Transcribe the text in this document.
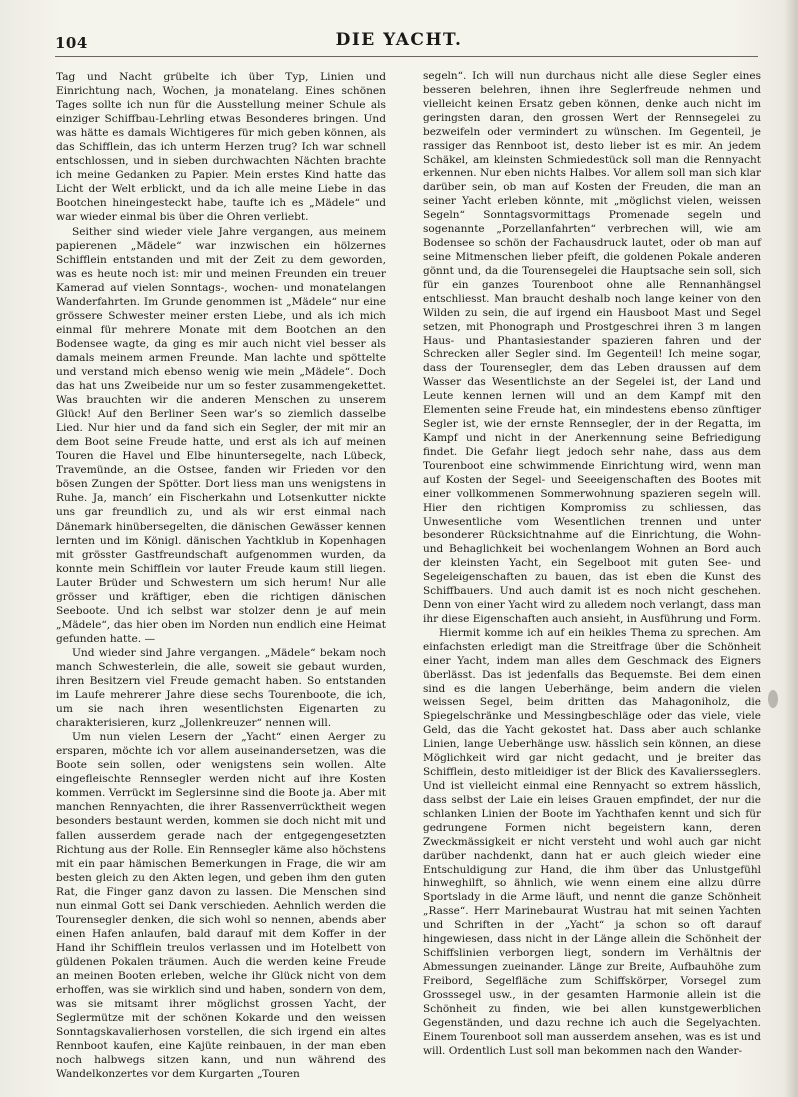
104	DIE YACHT.

Tag und Nacht grübelte ich über Typ, Linien und Einrichtung nach, Wochen, ja monatelang. Eines schönen Tages sollte ich nun für die Ausstellung meiner Schule als einziger Schiffbau-Lehrling etwas Besonderes bringen. Und was hätte es damals Wichtigeres für mich geben können, als das Schifflein, das ich unterm Herzen trug? Ich war schnell entschlossen, und in sieben durchwachten Nächten brachte ich meine Gedanken zu Papier. Mein erstes Kind hatte das Licht der Welt erblickt, und da ich alle meine Liebe in das Bootchen hineingesteckt habe, taufte ich es „Mädele“ und war wieder einmal bis über die Ohren verliebt.

Seither sind wieder viele Jahre vergangen, aus meinem papierenen „Mädele“ war inzwischen ein hölzernes Schifflein entstanden und mit der Zeit zu dem geworden, was es heute noch ist: mir und meinen Freunden ein treuer Kamerad auf vielen Sonntags-, wochen- und monatelangen Wanderfahrten. Im Grunde genommen ist „Mädele“ nur eine grössere Schwester meiner ersten Liebe, und als ich mich einmal für mehrere Monate mit dem Bootchen an den Bodensee wagte, da ging es mir auch nicht viel besser als damals meinem armen Freunde. Man lachte und spöttelte und verstand mich ebenso wenig wie mein „Mädele“. Doch das hat uns Zweibeide nur um so fester zusammengekettet. Was brauchten wir die anderen Menschen zu unserem Glück! Auf den Berliner Seen war’s so ziemlich dasselbe Lied. Nur hier und da fand sich ein Segler, der mit mir an dem Boot seine Freude hatte, und erst als ich auf meinen Touren die Havel und Elbe hinuntersegelte, nach Lübeck, Travemünde, an die Ostsee, fanden wir Frieden vor den bösen Zungen der Spötter. Dort liess man uns wenigstens in Ruhe. Ja, manch’ ein Fischerkahn und Lotsenkutter nickte uns gar freundlich zu, und als wir erst einmal nach Dänemark hinübersegelten, die dänischen Gewässer kennen lernten und im Königl. dänischen Yachtklub in Kopenhagen mit grösster Gastfreundschaft aufgenommen wurden, da konnte mein Schifflein vor lauter Freude kaum still liegen. Lauter Brüder und Schwestern um sich herum! Nur alle grösser und kräftiger, eben die richtigen dänischen Seeboote. Und ich selbst war stolzer denn je auf mein „Mädele“, das hier oben im Norden nun endlich eine Heimat gefunden hatte. —

Und wieder sind Jahre vergangen. „Mädele“ bekam noch manch Schwesterlein, die alle, soweit sie gebaut wurden, ihren Besitzern viel Freude gemacht haben. So entstanden im Laufe mehrerer Jahre diese sechs Tourenboote, die ich, um sie nach ihren wesentlichsten Eigenarten zu charakterisieren, kurz „Jollenkreuzer“ nennen will.

Um nun vielen Lesern der „Yacht“ einen Aerger zu ersparen, möchte ich vor allem auseinandersetzen, was die Boote sein sollen, oder wenigstens sein wollen. Alte eingefleischte Rennsegler werden nicht auf ihre Kosten kommen. Verrückt im Seglersinne sind die Boote ja. Aber mit manchen Rennyachten, die ihrer Rassenverrücktheit wegen besonders bestaunt werden, kommen sie doch nicht mit und fallen ausserdem gerade nach der entgegengesetzten Richtung aus der Rolle. Ein Rennsegler käme also höchstens mit ein paar hämischen Bemerkungen in Frage, die wir am besten gleich zu den Akten legen, und geben ihm den guten Rat, die Finger ganz davon zu lassen. Die Menschen sind nun einmal Gott sei Dank verschieden. Aehnlich werden die Tourensegler denken, die sich wohl so nennen, abends aber einen Hafen anlaufen, bald darauf mit dem Koffer in der Hand ihr Schifflein treulos verlassen und im Hotelbett von güldenen Pokalen träumen. Auch die werden keine Freude an meinen Booten erleben, welche ihr Glück nicht von dem erhoffen, was sie wirklich sind und haben, sondern von dem, was sie mitsamt ihrer möglichst grossen Yacht, der Seglermütze mit der schönen Kokarde und den weissen Sonntagskavalierhosen vorstellen, die sich irgend ein altes Rennboot kaufen, eine Kajüte reinbauen, in der man eben noch halbwegs sitzen kann, und nun während des Wandelkonzertes vor dem Kurgarten „Touren

segeln“. Ich will nun durchaus nicht alle diese Segler eines besseren belehren, ihnen ihre Seglerfreude nehmen und vielleicht keinen Ersatz geben können, denke auch nicht im geringsten daran, den grossen Wert der Rennsegelei zu bezweifeln oder vermindert zu wünschen. Im Gegenteil, je rassiger das Rennboot ist, desto lieber ist es mir. An jedem Schäkel, am kleinsten Schmiedestück soll man die Rennyacht erkennen. Nur eben nichts Halbes. Vor allem soll man sich klar darüber sein, ob man auf Kosten der Freuden, die man an seiner Yacht erleben könnte, mit „möglichst vielen, weissen Segeln“ Sonntagsvormittags Promenade segeln und sogenannte „Porzellanfahrten“ verbrechen will, wie am Bodensee so schön der Fachausdruck lautet, oder ob man auf seine Mitmenschen lieber pfeift, die goldenen Pokale anderen gönnt und, da die Tourensegelei die Hauptsache sein soll, sich für ein ganzes Tourenboot ohne alle Rennanhängsel entschliesst. Man braucht deshalb noch lange keiner von den Wilden zu sein, die auf irgend ein Hausboot Mast und Segel setzen, mit Phonograph und Prostgeschrei ihren 3 m langen Haus- und Phantasiestander spazieren fahren und der Schrecken aller Segler sind. Im Gegenteil! Ich meine sogar, dass der Tourensegler, dem das Leben draussen auf dem Wasser das Wesentlichste an der Segelei ist, der Land und Leute kennen lernen will und an dem Kampf mit den Elementen seine Freude hat, ein mindestens ebenso zünftiger Segler ist, wie der ernste Rennsegler, der in der Regatta, im Kampf und nicht in der Anerkennung seine Befriedigung findet. Die Gefahr liegt jedoch sehr nahe, dass aus dem Tourenboot eine schwimmende Einrichtung wird, wenn man auf Kosten der Segel- und Seeeigenschaften des Bootes mit einer vollkommenen Sommerwohnung spazieren segeln will. Hier den richtigen Kompromiss zu schliessen, das Unwesentliche vom Wesentlichen trennen und unter besonderer Rücksichtnahme auf die Einrichtung, die Wohn- und Behaglichkeit bei wochenlangem Wohnen an Bord auch der kleinsten Yacht, ein Segelboot mit guten See- und Segeleigenschaften zu bauen, das ist eben die Kunst des Schiffbauers. Und auch damit ist es noch nicht geschehen. Denn von einer Yacht wird zu alledem noch verlangt, dass man ihr diese Eigenschaften auch ansieht, in Ausführung und Form.

Hiermit komme ich auf ein heikles Thema zu sprechen. Am einfachsten erledigt man die Streitfrage über die Schönheit einer Yacht, indem man alles dem Geschmack des Eigners überlässt. Das ist jedenfalls das Bequemste. Bei dem einen sind es die langen Ueberhänge, beim andern die vielen weissen Segel, beim dritten das Mahagoniholz, die Spiegelschränke und Messingbeschläge oder das viele, viele Geld, das die Yacht gekostet hat. Dass aber auch schlanke Linien, lange Ueberhänge usw. hässlich sein können, an diese Möglichkeit wird gar nicht gedacht, und je breiter das Schifflein, desto mitleidiger ist der Blick des Kavaliersseglers. Und ist vielleicht einmal eine Rennyacht so extrem hässlich, dass selbst der Laie ein leises Grauen empfindet, der nur die schlanken Linien der Boote im Yachthafen kennt und sich für gedrungene Formen nicht begeistern kann, deren Zweckmässigkeit er nicht versteht und wohl auch gar nicht darüber nachdenkt, dann hat er auch gleich wieder eine Entschuldigung zur Hand, die ihm über das Unlustgefühl hinweghilft, so ähnlich, wie wenn einem eine allzu dürre Sportslady in die Arme läuft, und nennt die ganze Schönheit „Rasse“. Herr Marinebaurat Wustrau hat mit seinen Yachten und Schriften in der „Yacht“ ja schon so oft darauf hingewiesen, dass nicht in der Länge allein die Schönheit der Schiffslinien verborgen liegt, sondern im Verhältnis der Abmessungen zueinander. Länge zur Breite, Aufbauhöhe zum Freibord, Segelfläche zum Schiffskörper, Vorsegel zum Grosssegel usw., in der gesamten Harmonie allein ist die Schönheit zu finden, wie bei allen kunstgewerblichen Gegenständen, und dazu rechne ich auch die Segelyachten. Einem Tourenboot soll man ausserdem ansehen, was es ist und will. Ordentlich Lust soll man bekommen nach den Wander-
